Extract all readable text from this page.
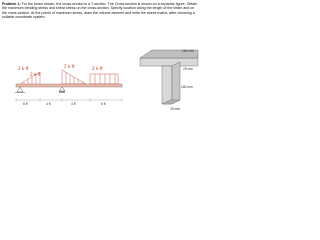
Problem 1: For the beam shown, the cross-section is a T-section. The Cross-section is shown on a separate figure. Obtain the maximum bending stress and shear stress on the cross-section. Specify location along the length of the beam and on the cross-section. At the points of maximum stress, draw the volume element and write the stress matrix, after choosing a suitable coordinate system.
2 k-ft	5 k-ft
2 k-ft
2 k-ft
6 ft	4 ft	4 ft	6 ft
160 mm
25 mm
180 mm
25 mm
